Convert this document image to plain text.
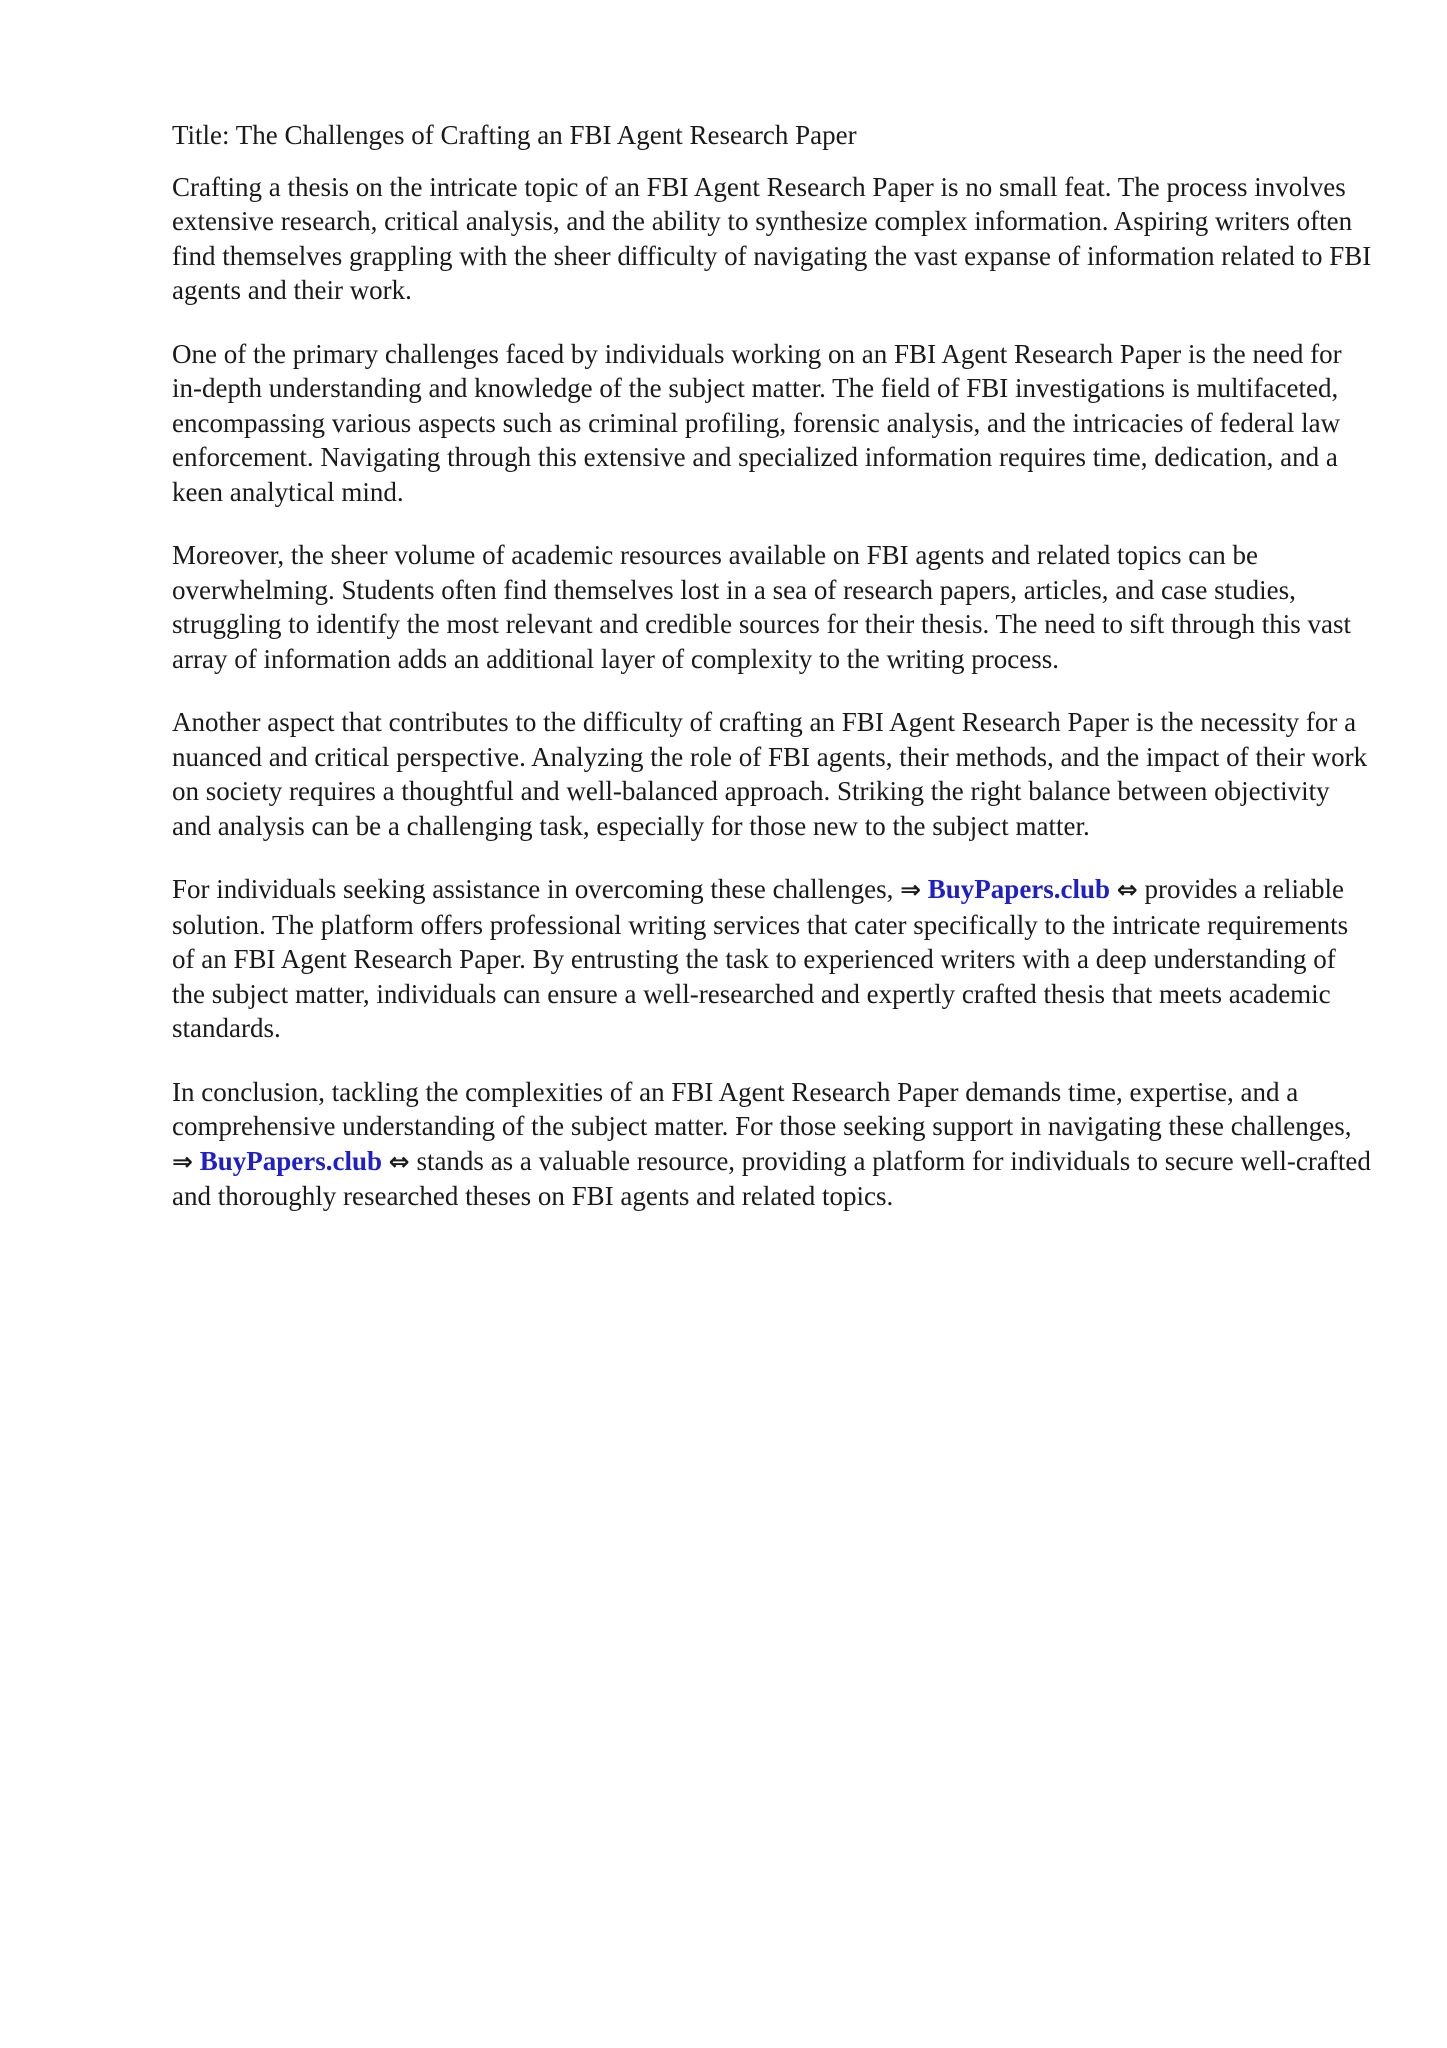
Title: The Challenges of Crafting an FBI Agent Research Paper

Crafting a thesis on the intricate topic of an FBI Agent Research Paper is no small feat. The process involves extensive research, critical analysis, and the ability to synthesize complex information. Aspiring writers often find themselves grappling with the sheer difficulty of navigating the vast expanse of information related to FBI agents and their work.

One of the primary challenges faced by individuals working on an FBI Agent Research Paper is the need for in-depth understanding and knowledge of the subject matter. The field of FBI investigations is multifaceted, encompassing various aspects such as criminal profiling, forensic analysis, and the intricacies of federal law enforcement. Navigating through this extensive and specialized information requires time, dedication, and a keen analytical mind.

Moreover, the sheer volume of academic resources available on FBI agents and related topics can be overwhelming. Students often find themselves lost in a sea of research papers, articles, and case studies, struggling to identify the most relevant and credible sources for their thesis. The need to sift through this vast array of information adds an additional layer of complexity to the writing process.

Another aspect that contributes to the difficulty of crafting an FBI Agent Research Paper is the necessity for a nuanced and critical perspective. Analyzing the role of FBI agents, their methods, and the impact of their work on society requires a thoughtful and well-balanced approach. Striking the right balance between objectivity and analysis can be a challenging task, especially for those new to the subject matter.

For individuals seeking assistance in overcoming these challenges, ⇒ BuyPapers.club ⇔ provides a reliable solution. The platform offers professional writing services that cater specifically to the intricate requirements of an FBI Agent Research Paper. By entrusting the task to experienced writers with a deep understanding of the subject matter, individuals can ensure a well-researched and expertly crafted thesis that meets academic standards.

In conclusion, tackling the complexities of an FBI Agent Research Paper demands time, expertise, and a comprehensive understanding of the subject matter. For those seeking support in navigating these challenges, ⇒ BuyPapers.club ⇔ stands as a valuable resource, providing a platform for individuals to secure well-crafted and thoroughly researched theses on FBI agents and related topics.
